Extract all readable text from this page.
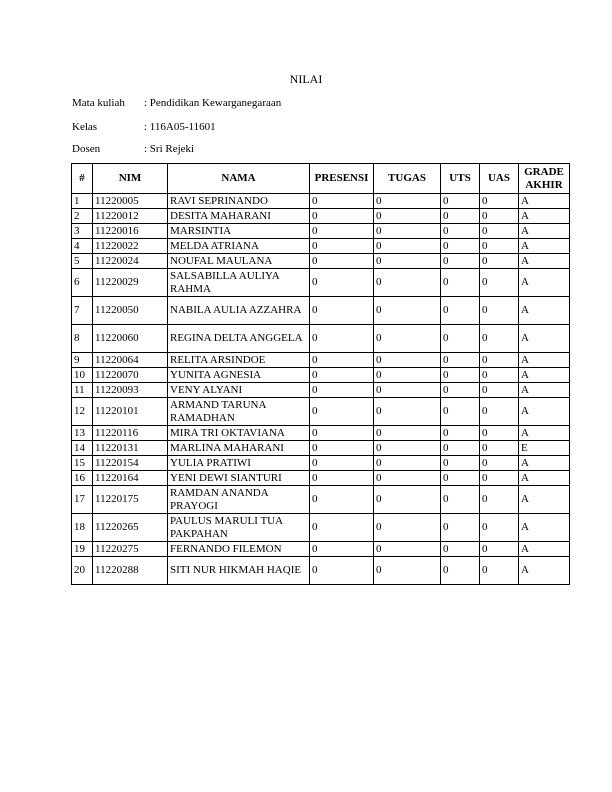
NILAI
Mata kuliah	: Pendidikan Kewarganegaraan
Kelas	: 116A05-11601
Dosen	: Sri Rejeki
#	NIM	NAMA	PRESENSI	TUGAS	UTS	UAS	GRADE AKHIR
1	11220005	RAVI SEPRINANDO	0	0	0	0	A
2	11220012	DESITA MAHARANI	0	0	0	0	A
3	11220016	MARSINTIA	0	0	0	0	A
4	11220022	MELDA ATRIANA	0	0	0	0	A
5	11220024	NOUFAL MAULANA	0	0	0	0	A
6	11220029	SALSABILLA AULIYA RAHMA	0	0	0	0	A
7	11220050	NABILA AULIA AZZAHRA	0	0	0	0	A
8	11220060	REGINA DELTA ANGGELA	0	0	0	0	A
9	11220064	RELITA ARSINDOE	0	0	0	0	A
10	11220070	YUNITA AGNESIA	0	0	0	0	A
11	11220093	VENY ALYANI	0	0	0	0	A
12	11220101	ARMAND TARUNA RAMADHAN	0	0	0	0	A
13	11220116	MIRA TRI OKTAVIANA	0	0	0	0	A
14	11220131	MARLINA MAHARANI	0	0	0	0	E
15	11220154	YULIA PRATIWI	0	0	0	0	A
16	11220164	YENI DEWI SIANTURI	0	0	0	0	A
17	11220175	RAMDAN ANANDA PRAYOGI	0	0	0	0	A
18	11220265	PAULUS MARULI TUA PAKPAHAN	0	0	0	0	A
19	11220275	FERNANDO FILEMON	0	0	0	0	A
20	11220288	SITI NUR HIKMAH HAQIE	0	0	0	0	A
